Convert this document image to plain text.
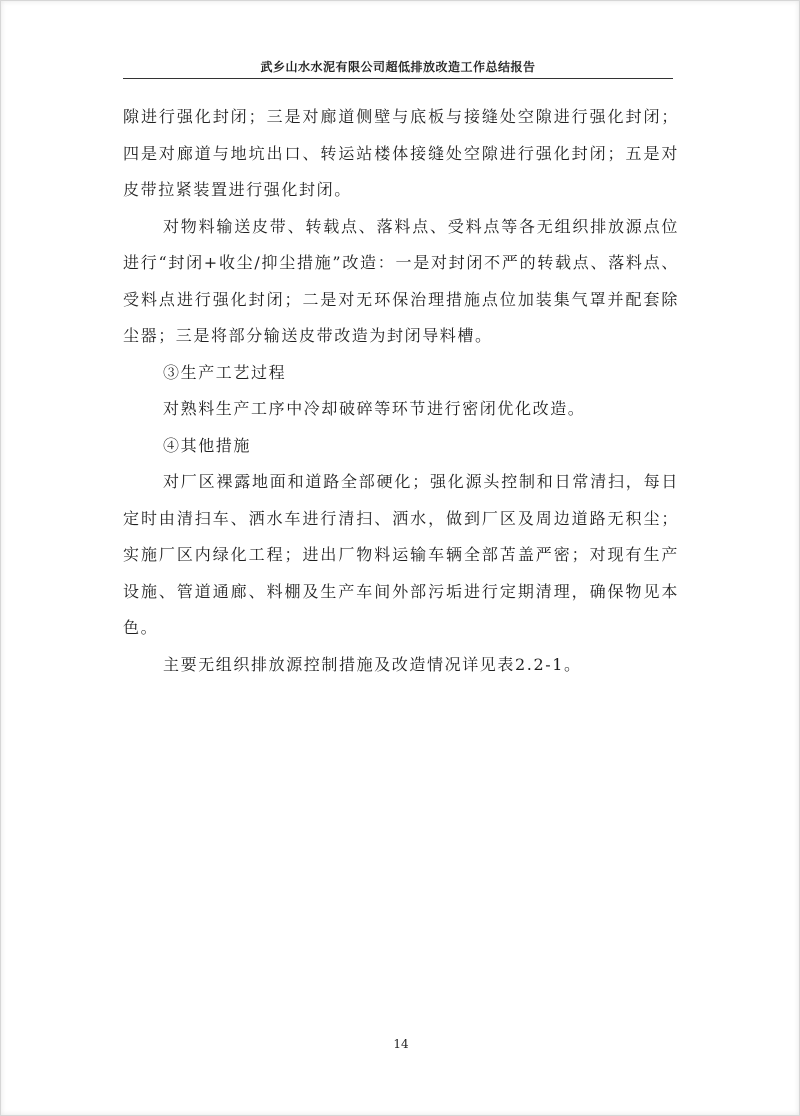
武乡山水水泥有限公司超低排放改造工作总结报告

隙进行强化封闭；三是对廊道侧壁与底板与接缝处空隙进行强化封闭；四是对廊道与地坑出口、转运站楼体接缝处空隙进行强化封闭；五是对皮带拉紧装置进行强化封闭。

对物料输送皮带、转载点、落料点、受料点等各无组织排放源点位进行“封闭+收尘/抑尘措施”改造：一是对封闭不严的转载点、落料点、受料点进行强化封闭；二是对无环保治理措施点位加装集气罩并配套除尘器；三是将部分输送皮带改造为封闭导料槽。

③生产工艺过程

对熟料生产工序中冷却破碎等环节进行密闭优化改造。

④其他措施

对厂区裸露地面和道路全部硬化；强化源头控制和日常清扫，每日定时由清扫车、洒水车进行清扫、洒水，做到厂区及周边道路无积尘；实施厂区内绿化工程；进出厂物料运输车辆全部苫盖严密；对现有生产设施、管道通廊、料棚及生产车间外部污垢进行定期清理，确保物见本色。

主要无组织排放源控制措施及改造情况详见表2.2-1。

14
